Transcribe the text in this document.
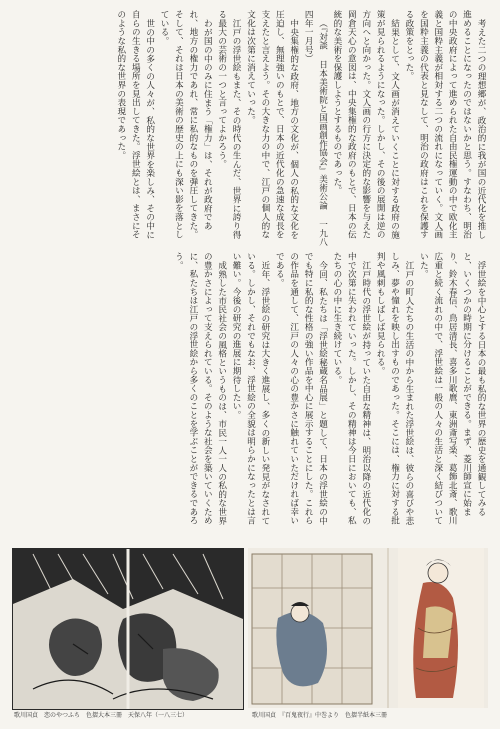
考えた二つの理想郷が、政治的に我が国の近代化を推し進めることになったのではないかと思う。すなわち、明治の中央政府によって進められた自由民権運動の中で欧化主義と国粋主義が相対する二つの流れになっていく。文人画を国粋主義の代表と見なして、明治の政府はこれを保護する政策をとった。

結果として、文人画が消えていくことに対する政府の施策が見られるようになった。しかし、その後の展開は逆の方向へと向かった。文人画の行方に決定的な影響を与えた岡倉天心の意図は、中央集権的な政府のもとで、日本の伝統的な美術を保護しようとするものであった。

（『対談 日本美術院と国画創作協会』美術公論 一九八四年一月号）

中央集権的な政府、地方の文化が、個人の私的な文化を圧迫し、無理強いのもとで、日本の近代化の急速な成長を支えたと言えよう。その大きな力の中で、江戸の個人的な文化は次第に消えていった。

江戸の浮世絵もまた、その時代の生んだ、世界に誇り得る最大の芸術の一つと言ってよかろう。

わが国の中のみに住まう「権力」は、それが政府であれ、地方の権力であれ、常に私的なものを弾圧してきた。そして、それは日本の美術の歴史の上にも深い影を落としている。

世の中の多くの人々が、私的な世界を楽しみ、その中に自らの生きる場所を見出してきた。浮世絵とは、まさにそのような私的な世界の表現であった。

浮世絵を中心とする日本の最も私的な世界の歴史を通観してみると、いくつかの時期に分けることができる。まず、菱川師宣に始まり、鈴木春信、鳥居清長、喜多川歌麿、東洲斎写楽、葛飾北斎、歌川広重と続く流れの中で、浮世絵は一般の人々の生活と深く結びついていた。

江戸の町人たちの生活の中から生まれた浮世絵は、彼らの喜びや悲しみ、夢や憧れを映し出すものであった。そこには、権力に対する批判や風刺もしばしば見られる。

江戸時代の浮世絵が持っていた自由な精神は、明治以降の近代化の中で次第に失われていった。しかし、その精神は今日においても、私たちの心の中に生き続けている。

今回、私たちは「浮世絵秘蔵名品展」と題して、日本の浮世絵の中でも特に私的な性格の強い作品を中心に展示することにした。これらの作品を通して、江戸の人々の心の豊かさに触れていただければ幸いである。

近年、浮世絵の研究は大きく進展し、多くの新しい発見がなされている。しかし、それでもなお、浮世絵の全貌は明らかになったとは言い難い。今後の研究の進展に期待したい。

成熟した市民社会の風格というものは、市民一人一人の私的な世界の豊かさによって支えられている。そのような社会を築いていくために、私たちは江戸の浮世絵から多くのことを学ぶことができるであろう。

歌川国貞　恋のやつふち　色摺大本三冊　天保八年（一八三七）	歌川国貞　『百鬼夜行』中巻より　色摺半紙本三冊
